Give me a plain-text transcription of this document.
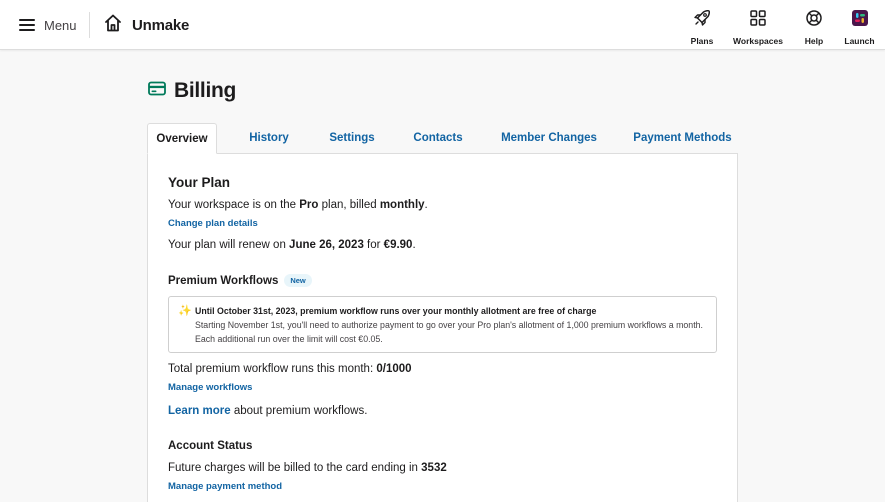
Menu	Unmake
Plans Workspaces	Help Launch
Billing
Overview	History	Settings	Contacts	Member Changes	Payment Methods
Your Plan
Your workspace is on the Pro plan, billed monthly.
Change plan details
Your plan will renew on June 26, 2023 for €9.90.
Premium Workflows New
Total premium workflow runs this month: 0/1000
Manage workflows
Learn more about premium workflows.
Account Status
Future charges will be billed to the card ending in 3532
Manage payment method
✨ Until October 31st, 2023, premium workflow runs over your monthly allotment are free of charge
Starting November 1st, you'll need to authorize payment to go over your Pro plan's allotment of 1,000 premium workflows a month. Each additional run over the limit will cost €0.05.
